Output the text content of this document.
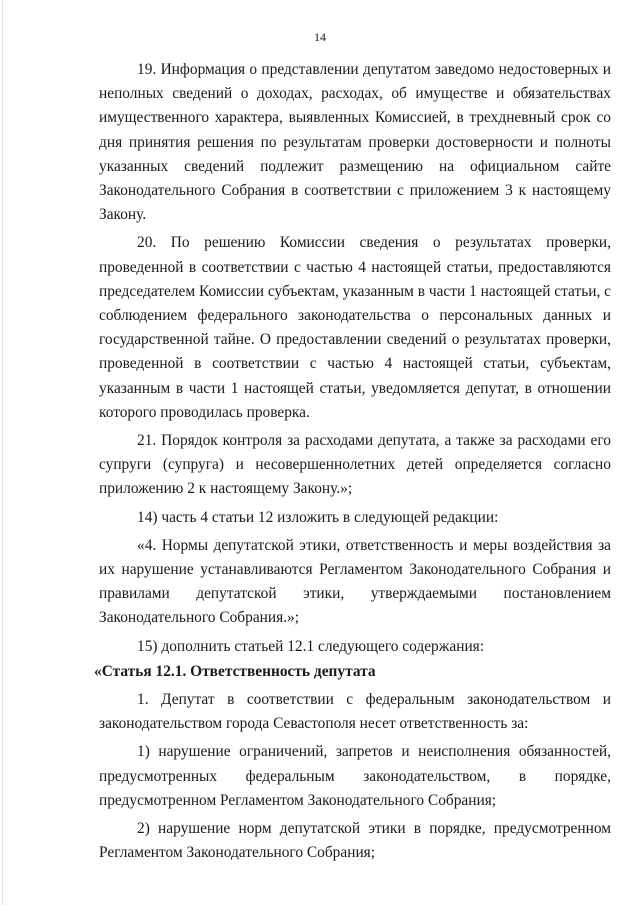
14

19. Информация о представлении депутатом заведомо недостоверных и неполных сведений о доходах, расходах, об имуществе и обязательствах имущественного характера, выявленных Комиссией, в трехдневный срок со дня принятия решения по результатам проверки достоверности и полноты указанных сведений подлежит размещению на официальном сайте Законодательного Собрания в соответствии с приложением 3 к настоящему Закону.

20. По решению Комиссии сведения о результатах проверки, проведенной в соответствии с частью 4 настоящей статьи, предоставляются председателем Комиссии субъектам, указанным в части 1 настоящей статьи, с соблюдением федерального законодательства о персональных данных и государственной тайне. О предоставлении сведений о результатах проверки, проведенной в соответствии с частью 4 настоящей статьи, субъектам, указанным в части 1 настоящей статьи, уведомляется депутат, в отношении которого проводилась проверка.

21. Порядок контроля за расходами депутата, а также за расходами его супруги (супруга) и несовершеннолетних детей определяется согласно приложению 2 к настоящему Закону.»;

14) часть 4 статьи 12 изложить в следующей редакции:

«4. Нормы депутатской этики, ответственность и меры воздействия за их нарушение устанавливаются Регламентом Законодательного Собрания и правилами депутатской этики, утверждаемыми постановлением Законодательного Собрания.»;

15) дополнить статьей 12.1 следующего содержания:

«Статья 12.1. Ответственность депутата

1. Депутат в соответствии с федеральным законодательством и законодательством города Севастополя несет ответственность за:

1) нарушение ограничений, запретов и неисполнения обязанностей, предусмотренных федеральным законодательством, в порядке, предусмотренном Регламентом Законодательного Собрания;

2) нарушение норм депутатской этики в порядке, предусмотренном Регламентом Законодательного Собрания;
